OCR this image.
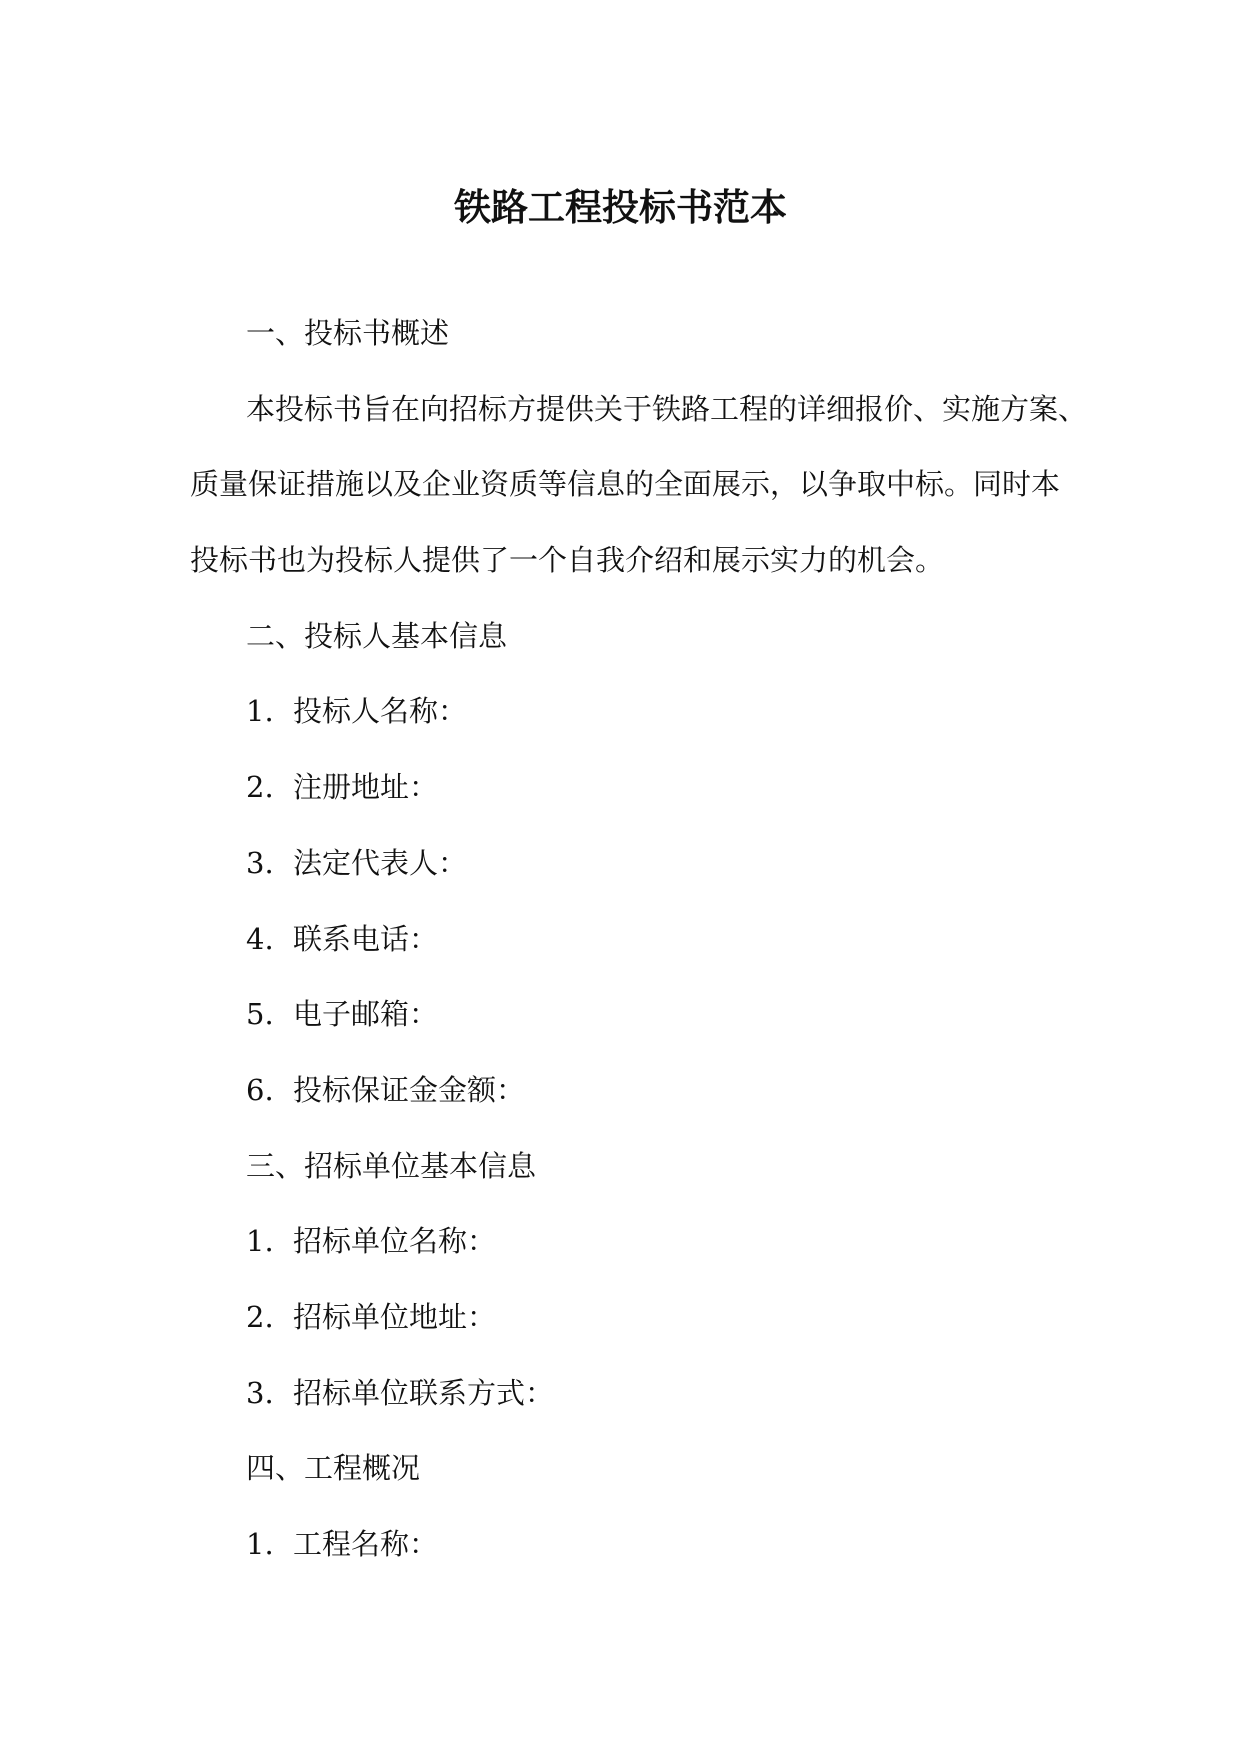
铁路工程投标书范本
一、投标书概述
本投标书旨在向招标方提供关于铁路工程的详细报价、实施方案、
质量保证措施以及企业资质等信息的全面展示，以争取中标。同时本
投标书也为投标人提供了一个自我介绍和展示实力的机会。
二、投标人基本信息
1. 投标人名称：
2. 注册地址：
3. 法定代表人：
4. 联系电话：
5. 电子邮箱：
6. 投标保证金金额：
三、招标单位基本信息
1. 招标单位名称：
2. 招标单位地址：
3. 招标单位联系方式：
四、工程概况
1. 工程名称：
